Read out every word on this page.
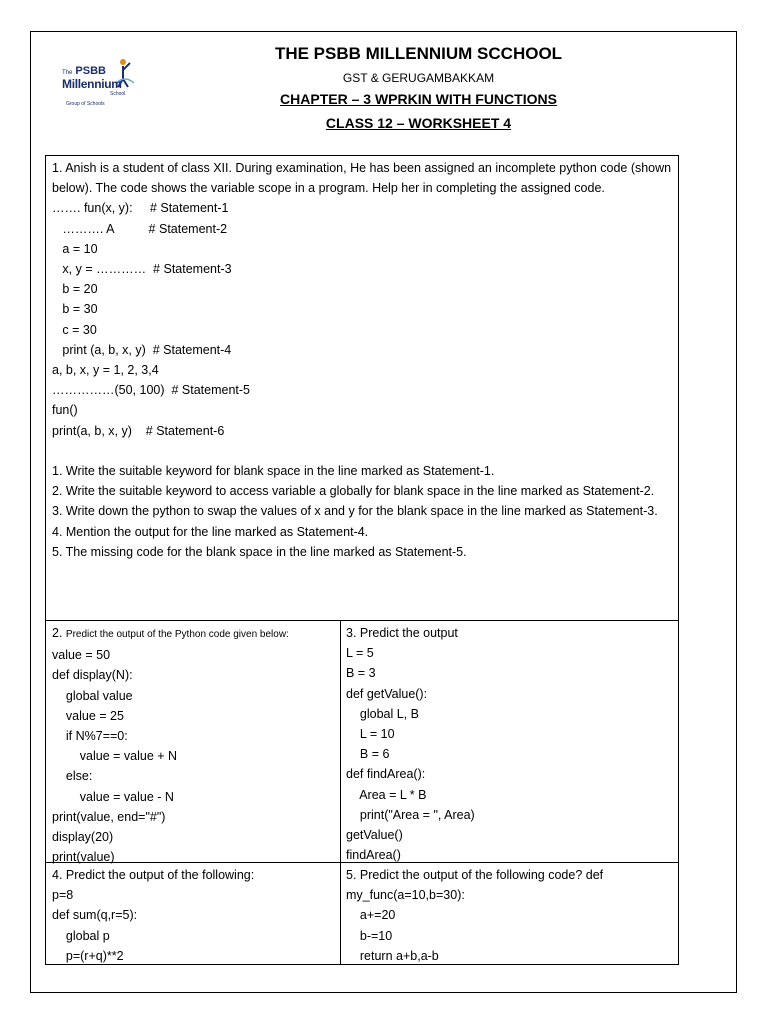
The PSBB
Millennium
School
Group of Schools
THE PSBB MILLENNIUM SCCHOOL
GST & GERUGAMBAKKAM
CHAPTER – 3 WPRKIN WITH FUNCTIONS
CLASS 12 – WORKSHEET 4
1. Anish is a student of class XII. During examination, He has been assigned an incomplete python code (shown below). The code shows the variable scope in a program. Help her in completing the assigned code.
……. fun(x, y):     # Statement-1
………. A          # Statement-2
a = 10
x, y = …………  # Statement-3
b = 20
b = 30
c = 30
print (a, b, x, y)  # Statement-4
a, b, x, y = 1, 2, 3,4
……………(50, 100)  # Statement-5
fun()
print(a, b, x, y)    # Statement-6
1. Write the suitable keyword for blank space in the line marked as Statement-1.
2. Write the suitable keyword to access variable a globally for blank space in the line marked as Statement-2.
3. Write down the python to swap the values of x and y for the blank space in the line marked as Statement-3.
4. Mention the output for the line marked as Statement-4.
5. The missing code for the blank space in the line marked as Statement-5.
2. Predict the output of the Python code given below:
value = 50
def display(N):
global value
value = 25
if N%7==0:
value = value + N
else:
value = value - N
print(value, end="#")
display(20)
print(value)
3. Predict the output
L = 5
B = 3
def getValue():
global L, B
L = 10
B = 6
def findArea():
Area = L * B
print("Area = ", Area)
getValue()
findArea()
4. Predict the output of the following:
p=8
def sum(q,r=5):
global p
p=(r+q)**2
5. Predict the output of the following code? def
my_func(a=10,b=30):
a+=20
b-=10
return a+b,a-b
